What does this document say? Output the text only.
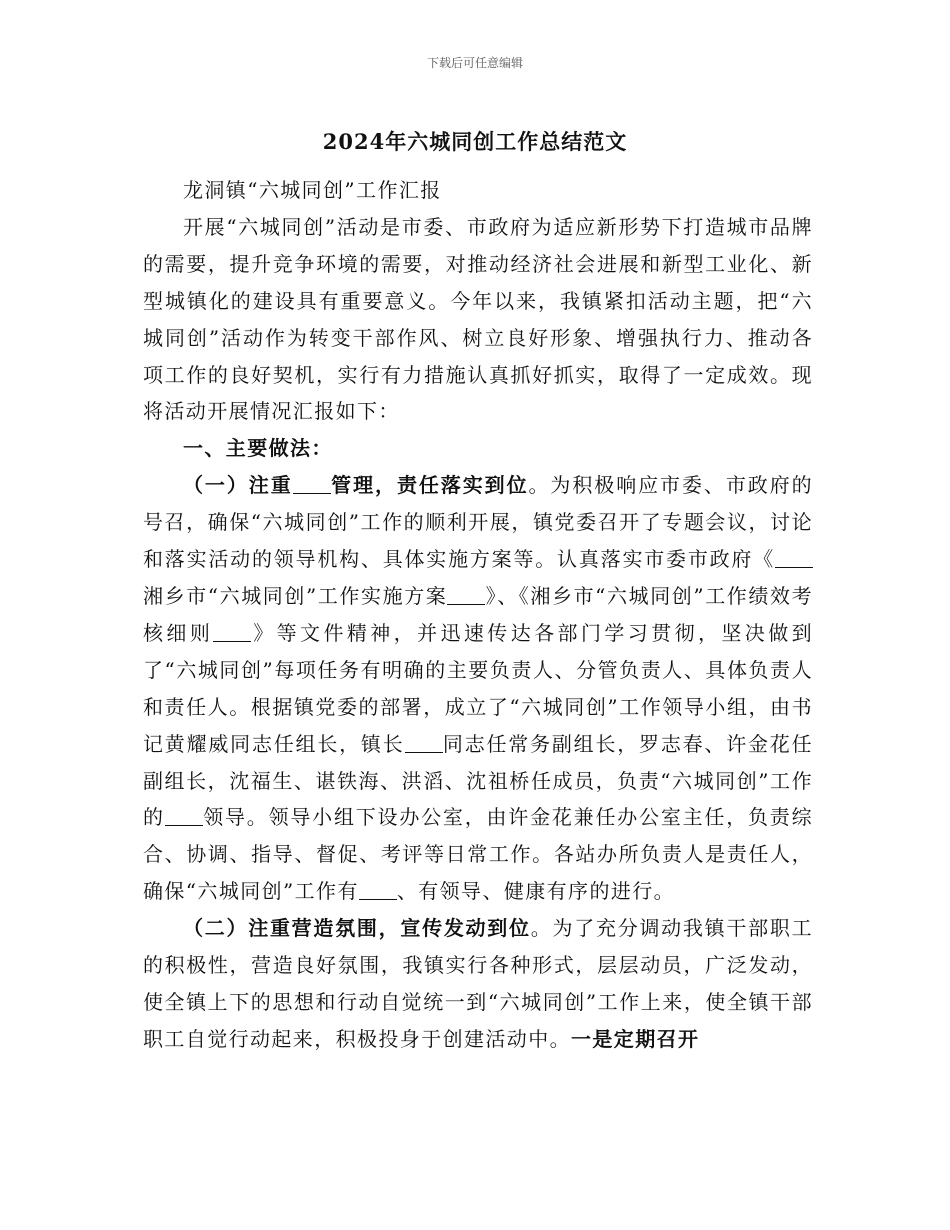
下载后可任意编辑
2024年六城同创工作总结范文

龙洞镇“六城同创”工作汇报

开展“六城同创”活动是市委、市政府为适应新形势下打造城市品牌的需要，提升竞争环境的需要，对推动经济社会进展和新型工业化、新型城镇化的建设具有重要意义。今年以来，我镇紧扣活动主题，把“六城同创”活动作为转变干部作风、树立良好形象、增强执行力、推动各项工作的良好契机，实行有力措施认真抓好抓实，取得了一定成效。现将活动开展情况汇报如下：

一、主要做法：

（一）注重 管理，责任落实到位。为积极响应市委、市政府的号召，确保“六城同创”工作的顺利开展，镇党委召开了专题会议，讨论和落实活动的领导机构、具体实施方案等。认真落实市委市政府《湘乡市“六城同创”工作实施方案 》、《湘乡市“六城同创”工作绩效考核细则 》等文件精神，并迅速传达各部门学习贯彻，坚决做到了“六城同创”每项任务有明确的主要负责人、分管负责人、具体负责人和责任人。根据镇党委的部署，成立了“六城同创”工作领导小组，由书记黄耀威同志任组长，镇长 同志任常务副组长，罗志春、许金花任副组长，沈福生、谌铁海、洪滔、沈祖桥任成员，负责“六城同创”工作的 领导。领导小组下设办公室，由许金花兼任办公室主任，负责综合、协调、指导、督促、考评等日常工作。各站办所负责人是责任人，确保“六城同创”工作有 、有领导、健康有序的进行。

（二）注重营造氛围，宣传发动到位。为了充分调动我镇干部职工的积极性，营造良好氛围，我镇实行各种形式，层层动员，广泛发动，使全镇上下的思想和行动自觉统一到“六城同创”工作上来，使全镇干部职工自觉行动起来，积极投身于创建活动中。一是定期召开
